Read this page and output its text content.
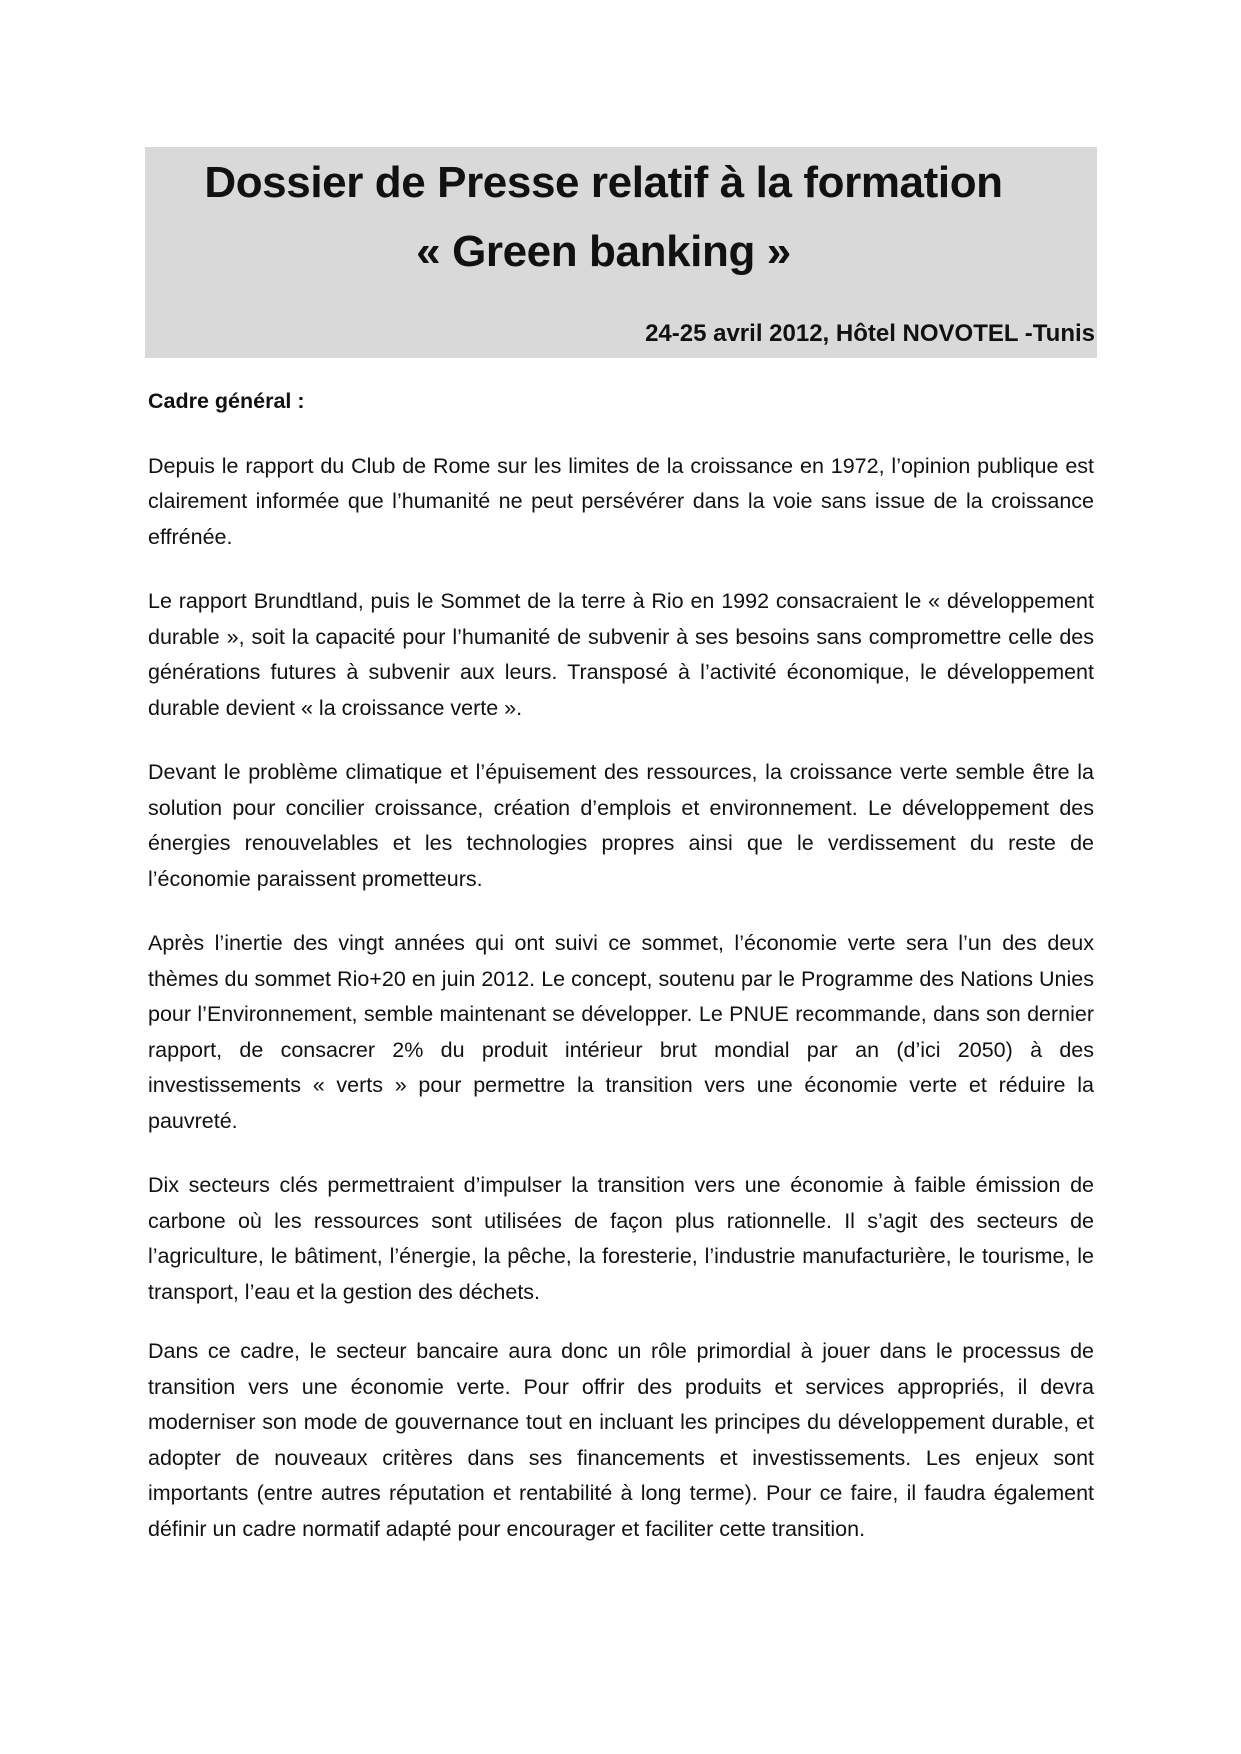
Dossier de Presse relatif à la formation
« Green banking »
24-25 avril 2012, Hôtel NOVOTEL -Tunis
Cadre général :

Depuis le rapport du Club de Rome sur les limites de la croissance en 1972, l’opinion publique est clairement informée que l’humanité ne peut persévérer dans la voie sans issue de la croissance effrénée.

Le rapport Brundtland, puis le Sommet de la terre à Rio en 1992 consacraient le « développement durable », soit la capacité pour l’humanité de subvenir à ses besoins sans compromettre celle des générations futures à subvenir aux leurs. Transposé à l’activité économique, le développement durable devient « la croissance verte ».

Devant le problème climatique et l’épuisement des ressources, la croissance verte semble être la solution pour concilier croissance, création d’emplois et environnement. Le développement des énergies renouvelables et les technologies propres ainsi que le verdissement du reste de l’économie paraissent prometteurs.

Après l’inertie des vingt années qui ont suivi ce sommet, l’économie verte sera l’un des deux thèmes du sommet Rio+20 en juin 2012. Le concept, soutenu par le Programme des Nations Unies pour l’Environnement, semble maintenant se développer. Le PNUE recommande, dans son dernier rapport, de consacrer 2% du produit intérieur brut mondial par an (d’ici 2050) à des investissements « verts » pour permettre la transition vers une économie verte et réduire la pauvreté.

Dix secteurs clés permettraient d’impulser la transition vers une économie à faible émission de carbone où les ressources sont utilisées de façon plus rationnelle. Il s’agit des secteurs de l’agriculture, le bâtiment, l’énergie, la pêche, la foresterie, l’industrie manufacturière, le tourisme, le transport, l’eau et la gestion des déchets.

Dans ce cadre, le secteur bancaire aura donc un rôle primordial à jouer dans le processus de transition vers une économie verte. Pour offrir des produits et services appropriés, il devra moderniser son mode de gouvernance tout en incluant les principes du développement durable, et adopter de nouveaux critères dans ses financements et investissements. Les enjeux sont importants (entre autres réputation et rentabilité à long terme). Pour ce faire, il faudra également définir un cadre normatif adapté pour encourager et faciliter cette transition.
